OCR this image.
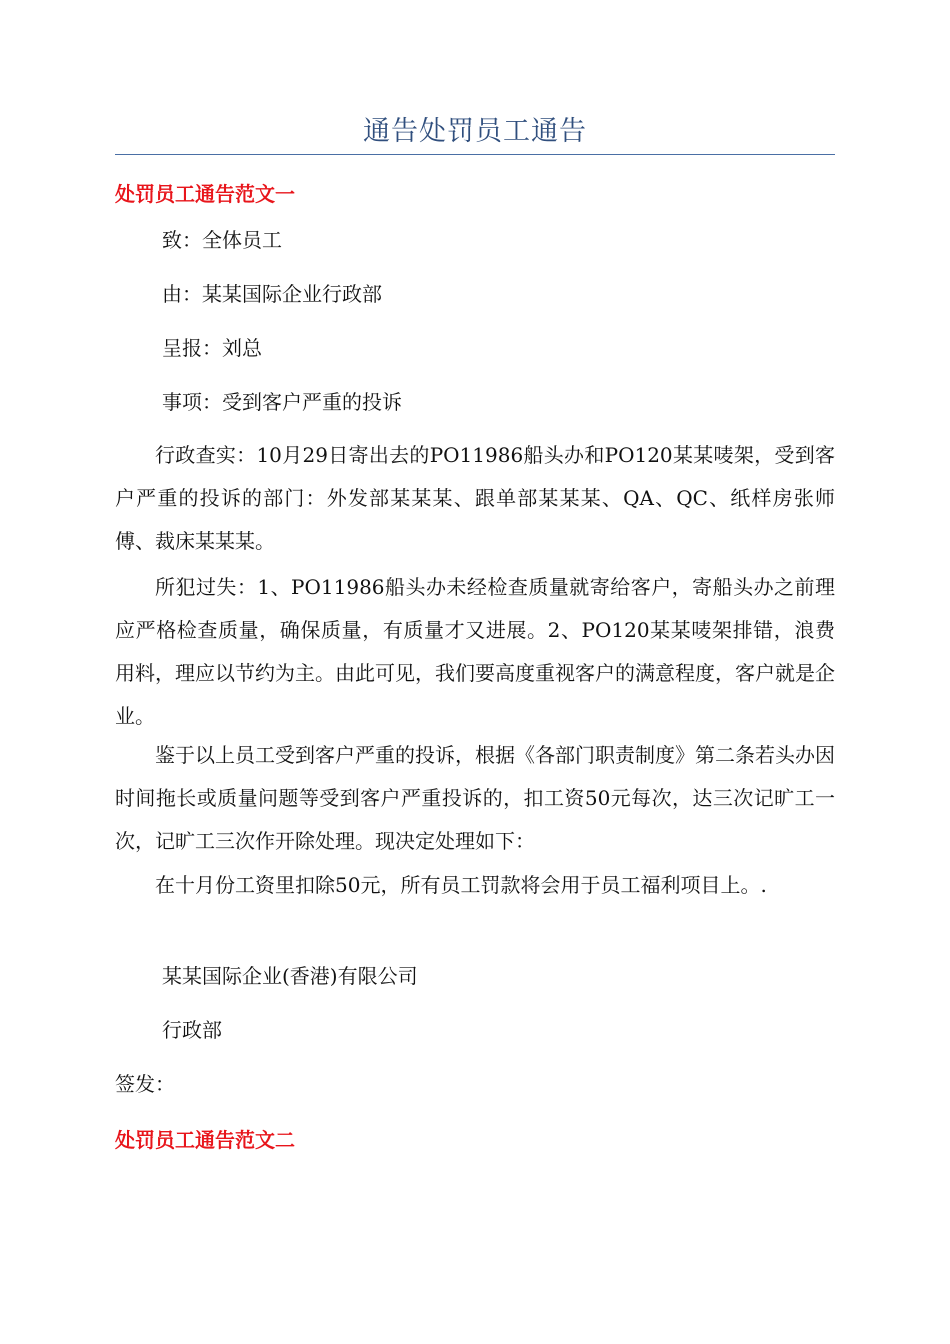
通告处罚员工通告
处罚员工通告范文一
致：全体员工
由：某某国际企业行政部
呈报：刘总
事项：受到客户严重的投诉
行政查实：10月29日寄出去的PO11986船头办和PO120某某唛架，受到客户严重的投诉的部门：外发部某某某、跟单部某某某、QA、QC、纸样房张师傅、裁床某某某。
所犯过失：1、PO11986船头办未经检查质量就寄给客户，寄船头办之前理应严格检查质量，确保质量，有质量才又进展。2、PO120某某唛架排错，浪费用料，理应以节约为主。由此可见，我们要高度重视客户的满意程度，客户就是企业。
鉴于以上员工受到客户严重的投诉，根据《各部门职责制度》第二条若头办因时间拖长或质量问题等受到客户严重投诉的，扣工资50元每次，达三次记旷工一次，记旷工三次作开除处理。现决定处理如下：
在十月份工资里扣除50元，所有员工罚款将会用于员工福利项目上。.
某某国际企业(香港)有限公司
行政部
签发：
处罚员工通告范文二
